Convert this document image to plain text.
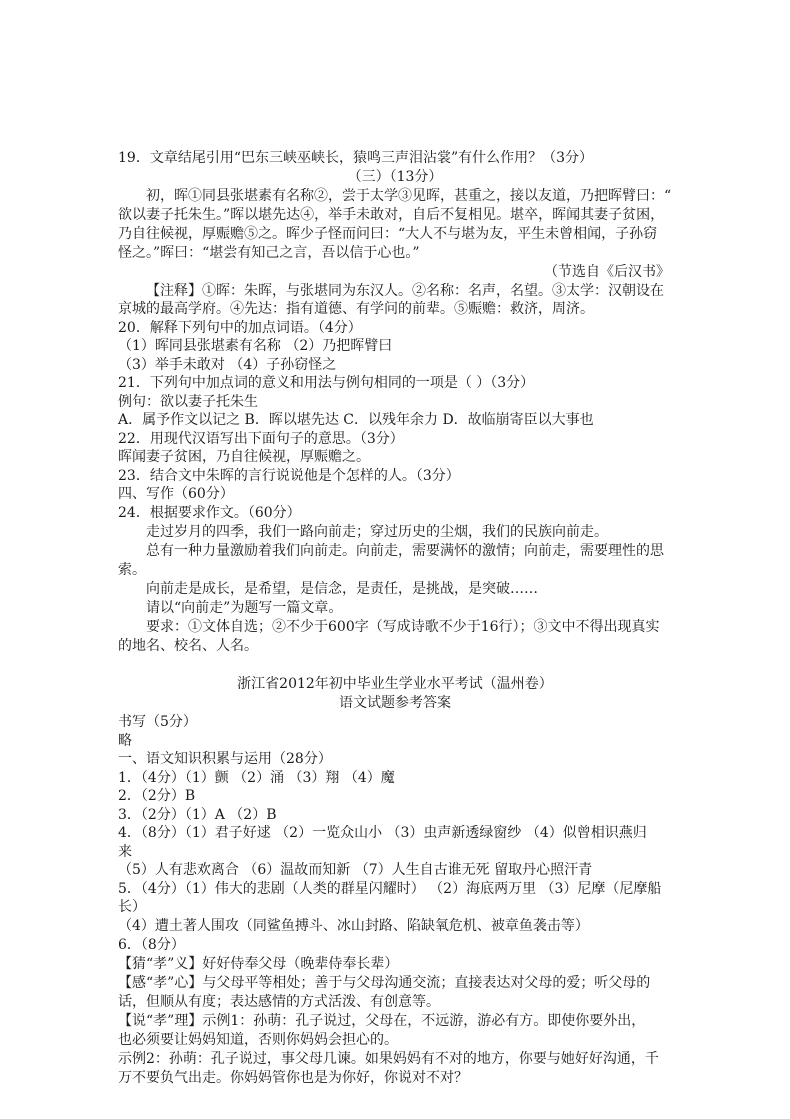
19．文章结尾引用“巴东三峡巫峡长，猿鸣三声泪沾裳”有什么作用？（3分）
（三）（13分）
初，晖①同县张堪素有名称②，尝于太学③见晖，甚重之，接以友道，乃把晖臂曰：“
欲以妻子托朱生。”晖以堪先达④，举手未敢对，自后不复相见。堪卒，晖闻其妻子贫困，
乃自往候视，厚赈赡⑤之。晖少子怪而问曰：“大人不与堪为友，平生未曾相闻，子孙窃
怪之。”晖曰：“堪尝有知己之言，吾以信于心也。”
（节选自《后汉书》
【注释】①晖：朱晖，与张堪同为东汉人。②名称：名声，名望。③太学：汉朝设在
京城的最高学府。④先达：指有道德、有学问的前辈。⑤赈赡：救济，周济。
20．解释下列句中的加点词语。（4分）
（1）晖同县张堪素有名称 （2）乃把晖臂曰
（3）举手未敢对 （4）子孙窃怪之
21．下列句中加点词的意义和用法与例句相同的一项是（ ）（3分）
例句：欲以妻子托朱生
A．属予作文以记之 B．晖以堪先达 C．以残年余力 D．故临崩寄臣以大事也
22．用现代汉语写出下面句子的意思。（3分）
晖闻妻子贫困，乃自往候视，厚赈赡之。
23．结合文中朱晖的言行说说他是个怎样的人。（3分）
四、写作（60分）
24．根据要求作文。（60分）
走过岁月的四季，我们一路向前走；穿过历史的尘烟，我们的民族向前走。
总有一种力量激励着我们向前走。向前走，需要满怀的激情；向前走，需要理性的思
索。
向前走是成长，是希望，是信念，是责任，是挑战，是突破……
请以“向前走”为题写一篇文章。
要求：①文体自选；②不少于600字（写成诗歌不少于16行）；③文中不得出现真实
的地名、校名、人名。
浙江省2012年初中毕业生学业水平考试（温州卷）
语文试题参考答案
书写（5分）
略
一、语文知识积累与运用（28分）
1．（4分）（1）颤 （2）涌 （3）翔 （4）魔
2．（2分）B
3．（2分）（1）A （2）B
4．（8分）（1）君子好逑 （2）一览众山小 （3）虫声新透绿窗纱 （4）似曾相识燕归
来
（5）人有悲欢离合 （6）温故而知新 （7）人生自古谁无死 留取丹心照汗青
5．（4分）（1）伟大的悲剧（人类的群星闪耀时） （2）海底两万里 （3）尼摩（尼摩船
长）
（4）遭土著人围攻（同鲨鱼搏斗、冰山封路、陷缺氧危机、被章鱼袭击等）
6．（8分）
【猜“孝”义】好好侍奉父母（晚辈侍奉长辈）
【感“孝”心】与父母平等相处；善于与父母沟通交流；直接表达对父母的爱；听父母的
话，但顺从有度；表达感情的方式活泼、有创意等。
【说“孝”理】示例1：孙萌：孔子说过，父母在，不远游，游必有方。即使你要外出，
也必须要让妈妈知道，否则你妈妈会担心的。
示例2：孙萌：孔子说过，事父母几谏。如果妈妈有不对的地方，你要与她好好沟通，千
万不要负气出走。你妈妈管你也是为你好，你说对不对？
